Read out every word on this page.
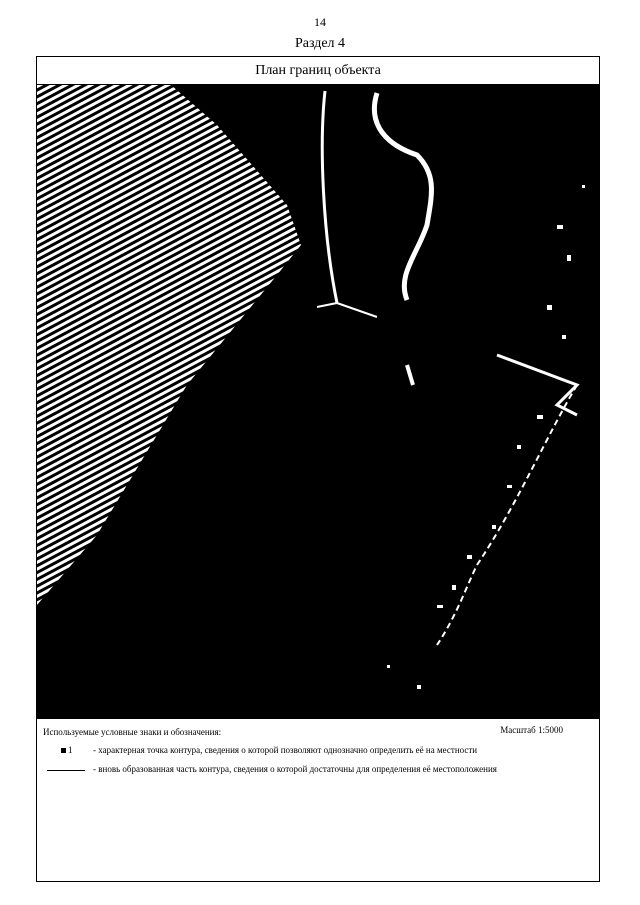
14
Раздел 4
План границ объекта
Используемые условные знаки и обозначения:	Масштаб 1:5000
1	- характерная точка контура, сведения о которой позволяют однозначно определить её на местности
- вновь образованная часть контура, сведения о которой достаточны для определения её местоположения
